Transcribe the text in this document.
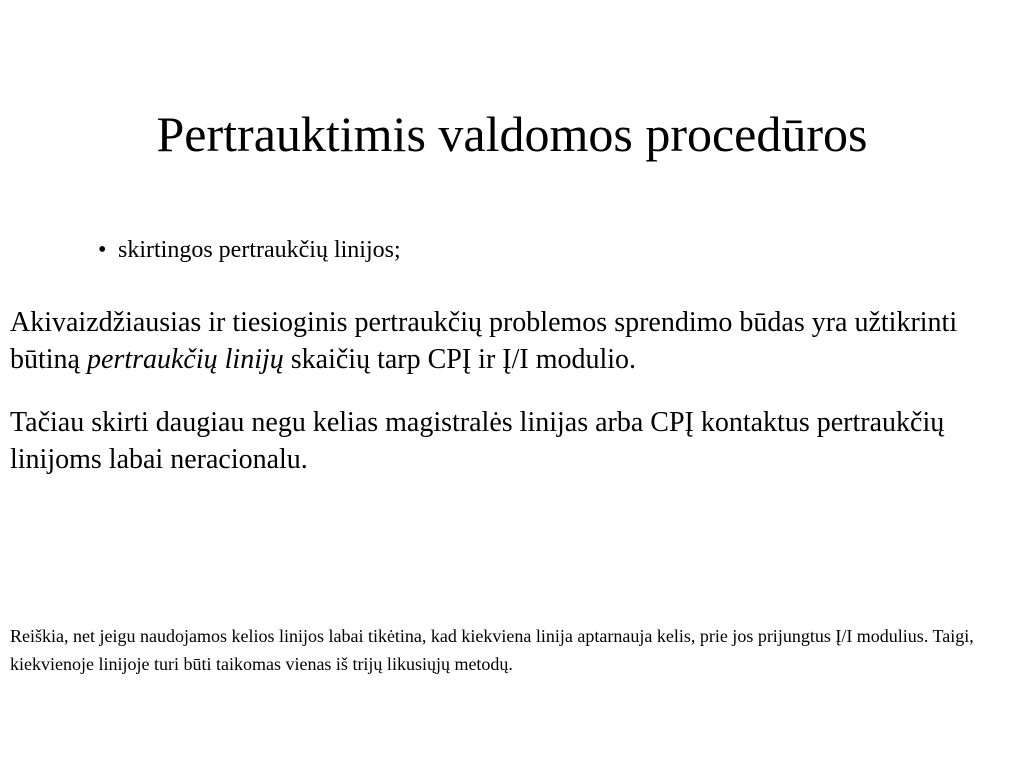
Pertrauktimis valdomos procedūros
• skirtingos pertraukčių linijos;

Akivaizdžiausias ir tiesioginis pertraukčių problemos sprendimo būdas yra užtikrinti būtiną pertraukčių linijų skaičių tarp CPĮ ir Į/I modulio.

Tačiau skirti daugiau negu kelias magistralės linijas arba CPĮ kontaktus pertraukčių linijoms labai neracionalu.

Reiškia, net jeigu naudojamos kelios linijos labai tikėtina, kad kiekviena linija aptarnauja kelis, prie jos prijungtus Į/I modulius. Taigi, kiekvienoje linijoje turi būti taikomas vienas iš trijų likusiųjų metodų.
